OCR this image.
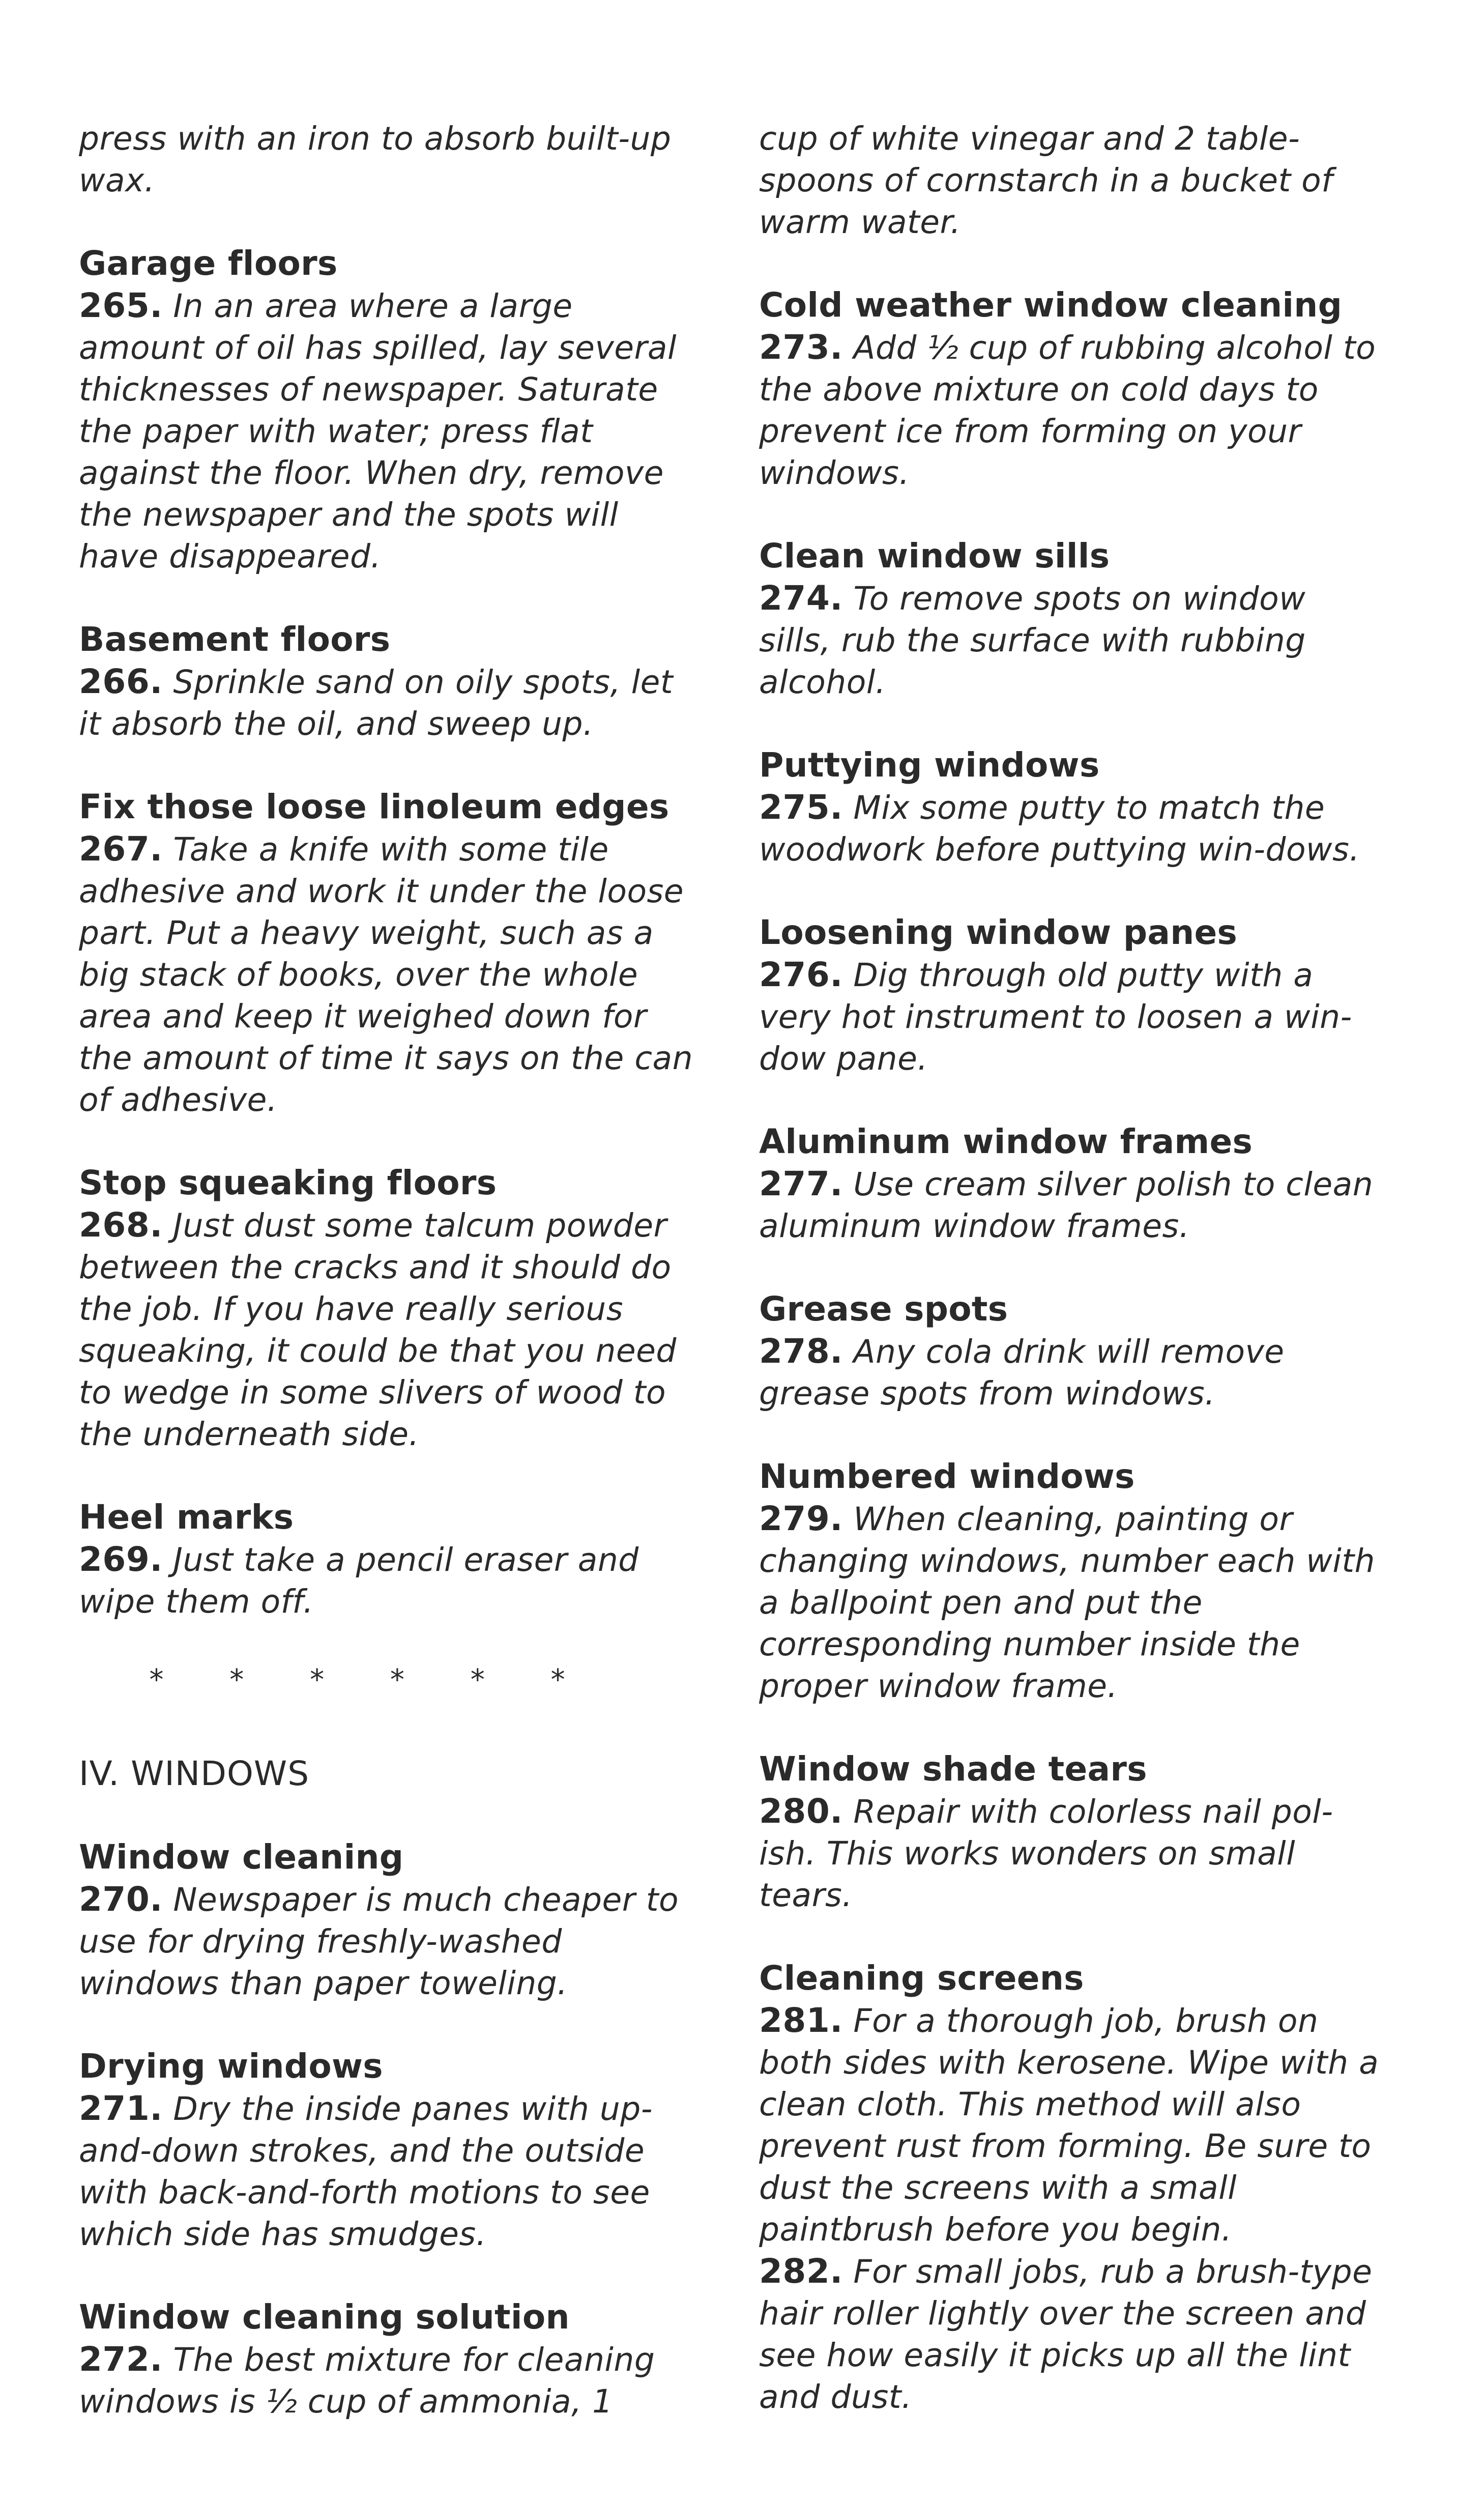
press with an iron to absorb built-up wax.

Garage floors

265. In an area where a large amount of oil has spilled, lay several thicknesses of newspaper. Saturate the paper with water; press flat against the floor. When dry, remove the newspaper and the spots will have disappeared.

Basement floors

266. Sprinkle sand on oily spots, let it absorb the oil, and sweep up.

Fix those loose linoleum edges

267. Take a knife with some tile adhesive and work it under the loose part. Put a heavy weight, such as a big stack of books, over the whole area and keep it weighed down for the amount of time it says on the can of adhesive.

Stop squeaking floors

268. Just dust some talcum powder between the cracks and it should do the job. If you have really serious squeaking, it could be that you need to wedge in some slivers of wood to the underneath side.

Heel marks

269. Just take a pencil eraser and wipe them off.

* * * * * *

IV. WINDOWS

Window cleaning

270. Newspaper is much cheaper to use for drying freshly-washed windows than paper toweling.

Drying windows

271. Dry the inside panes with up-and-down strokes, and the outside with back-and-forth motions to see which side has smudges.

Window cleaning solution

272. The best mixture for cleaning windows is ½ cup of ammonia, 1

cup of white vinegar and 2 table-spoons of cornstarch in a bucket of warm water.

Cold weather window cleaning

273. Add ½ cup of rubbing alcohol to the above mixture on cold days to prevent ice from forming on your windows.

Clean window sills

274. To remove spots on window sills, rub the surface with rubbing alcohol.

Puttying windows

275. Mix some putty to match the woodwork before puttying win-dows.

Loosening window panes

276. Dig through old putty with a very hot instrument to loosen a win-dow pane.

Aluminum window frames

277. Use cream silver polish to clean aluminum window frames.

Grease spots

278. Any cola drink will remove grease spots from windows.

Numbered windows

279. When cleaning, painting or changing windows, number each with a ballpoint pen and put the corresponding number inside the proper window frame.

Window shade tears

280. Repair with colorless nail pol-ish. This works wonders on small tears.

Cleaning screens

281. For a thorough job, brush on both sides with kerosene. Wipe with a clean cloth. This method will also prevent rust from forming. Be sure to dust the screens with a small paintbrush before you begin.

282. For small jobs, rub a brush-type hair roller lightly over the screen and see how easily it picks up all the lint and dust.
